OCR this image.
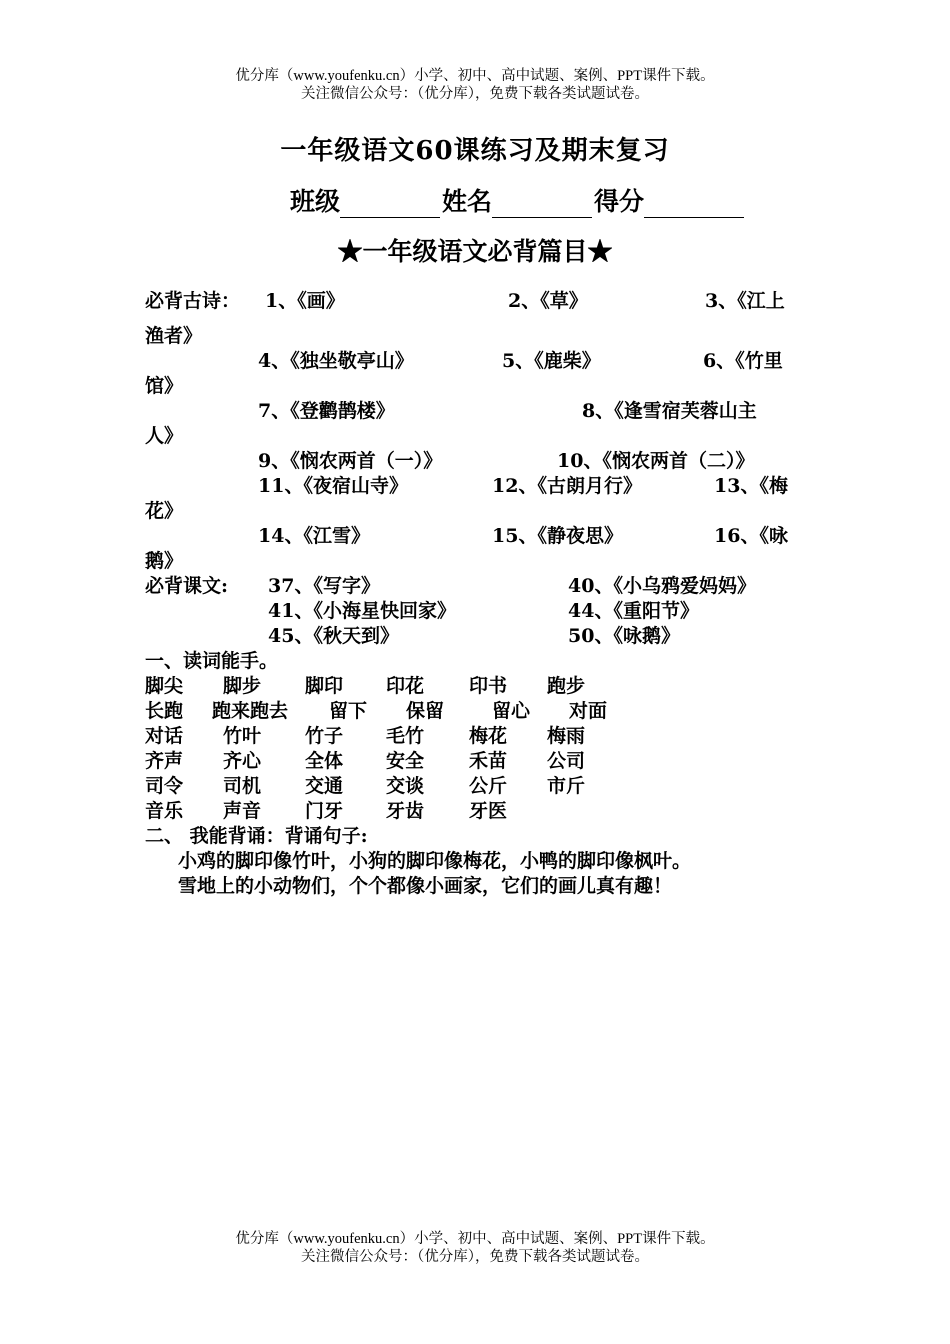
优分库（www.youfenku.cn）小学、初中、高中试题、案例、PPT课件下载。
关注微信公众号：（优分库），免费下载各类试题试卷。
一年级语文60课练习及期末复习
班级	姓名	得分
★一年级语文必背篇目★
必背古诗： 1、《画》	2、《草》	3、《江上
渔者》
4、《独坐敬亭山》	5、《鹿柴》	6、《竹里
馆》
7、《登鹳鹊楼》	8、《逢雪宿芙蓉山主
人》
9、《悯农两首（一）》	10、《悯农两首（二）》
11、《夜宿山寺》	12、《古朗月行》	13、《梅
花》
14、《江雪》	15、《静夜思》	16、《咏
鹅》
必背课文: 37、《写字》	40、《小乌鸦爱妈妈》
41、《小海星快回家》	44、《重阳节》
45、《秋天到》	50、《咏鹅》
一、读词能手。
脚尖 脚步 脚印 印花 印书 跑步
长跑 跑来跑去 留下 保留	留心 对面
对话 竹叶 竹子 毛竹 梅花 梅雨
齐声 齐心 全体 安全 禾苗 公司
司令 司机 交通 交谈 公斤 市斤
音乐 声音 门牙 牙齿 牙医
二、 我能背诵：背诵句子:
小鸡的脚印像竹叶，小狗的脚印像梅花，小鸭的脚印像枫叶。
雪地上的小动物们，个个都像小画家，它们的画儿真有趣！
优分库（www.youfenku.cn）小学、初中、高中试题、案例、PPT课件下载。
关注微信公众号：（优分库），免费下载各类试题试卷。
